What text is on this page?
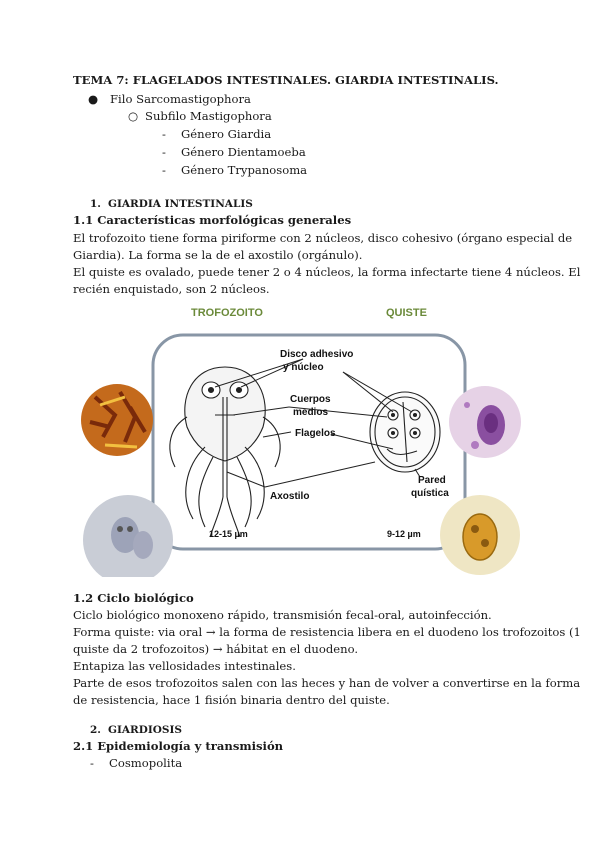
TEMA 7: FLAGELADOS INTESTINALES. GIARDIA INTESTINALIS.
● Filo Sarcomastigophora
○ Subfilo Mastigophora
- Género Giardia
- Género Dientamoeba
- Género Trypanosoma
1. GIARDIA INTESTINALIS
1.1 Características morfológicas generales
El trofozoito tiene forma piriforme con 2 núcleos, disco cohesivo (órgano especial de
Giardia). La forma se la de el axostilo (orgánulo).
El quiste es ovalado, puede tener 2 o 4 núcleos, la forma infectarte tiene 4 núcleos. El
recién enquistado, son 2 núcleos.
TROFOZOITO	QUISTE
Disco adhesivo
y núcleo
Cuerpos
medios
Flagelos
Axostilo
Pared
quística
12-15 µm	9-12 µm
1.2 Ciclo biológico
Ciclo biológico monoxeno rápido, transmisión fecal-oral, autoinfección.
Forma quiste: via oral → la forma de resistencia libera en el duodeno los trofozoitos (1
quiste da 2 trofozoitos) → hábitat en el duodeno.
Entapiza las vellosidades intestinales.
Parte de esos trofozoitos salen con las heces y han de volver a convertirse en la forma
de resistencia, hace 1 fisión binaria dentro del quiste.
2. GIARDIOSIS
2.1 Epidemiología y transmisión
- Cosmopolita
